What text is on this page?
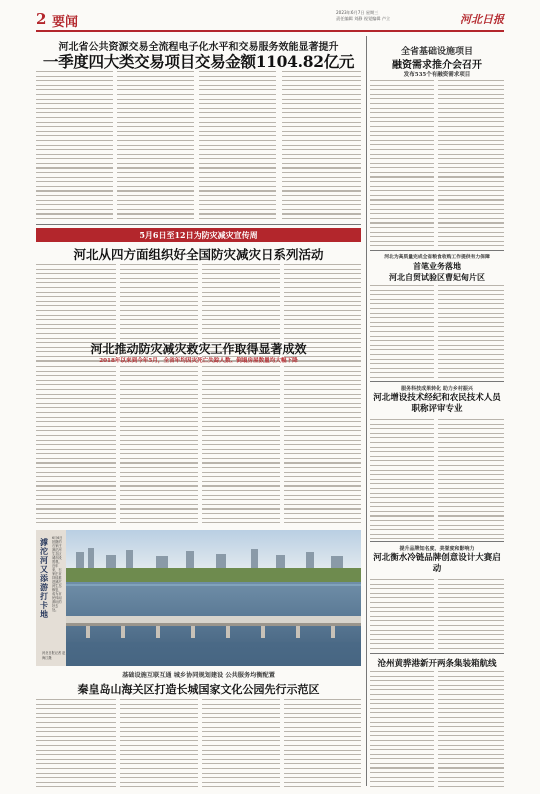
2 要闻
2023年6月7日 星期三
责任编辑 刘静 视觉编辑 卢立	河北日报
河北省公共资源交易全流程电子化水平和交易服务效能显著提升
一季度四大类交易项目交易金额1104.82亿元
5月6日至12日为防灾减灾宣传周
河北从四方面组织好全国防灾减灾日系列活动
河北推动防灾减灾救灾工作取得显著成效
2018年以来到今年5月，全省年均因灾死亡失踪人数、倒塌房屋数量均大幅下降
滹沱河又添游打卡地
6月6日拍摄的石家庄滹沱河生态区城市段景观。近年来，石家庄市持续推进滹沱河生态修复，成为市民休闲游玩的好去处。
河北日报记者 赵海江摄
基础设施互联互通 城乡协同规划建设 公共服务均衡配置
秦皇岛山海关区打造长城国家文化公园先行示范区
全省基础设施项目
融资需求推介会召开
发布535个有融资需求项目
河北为高质量完成全省粮食收购工作提供有力保障
首笔业务落地
河北自贸试验区曹妃甸片区
服务科技成果转化 助力乡村振兴
河北增设技术经纪和农民技术人员职称评审专业
提升品牌知名度、美誉度和影响力
河北衡水冷链品牌创意设计大赛启动
沧州黄骅港新开两条集装箱航线
